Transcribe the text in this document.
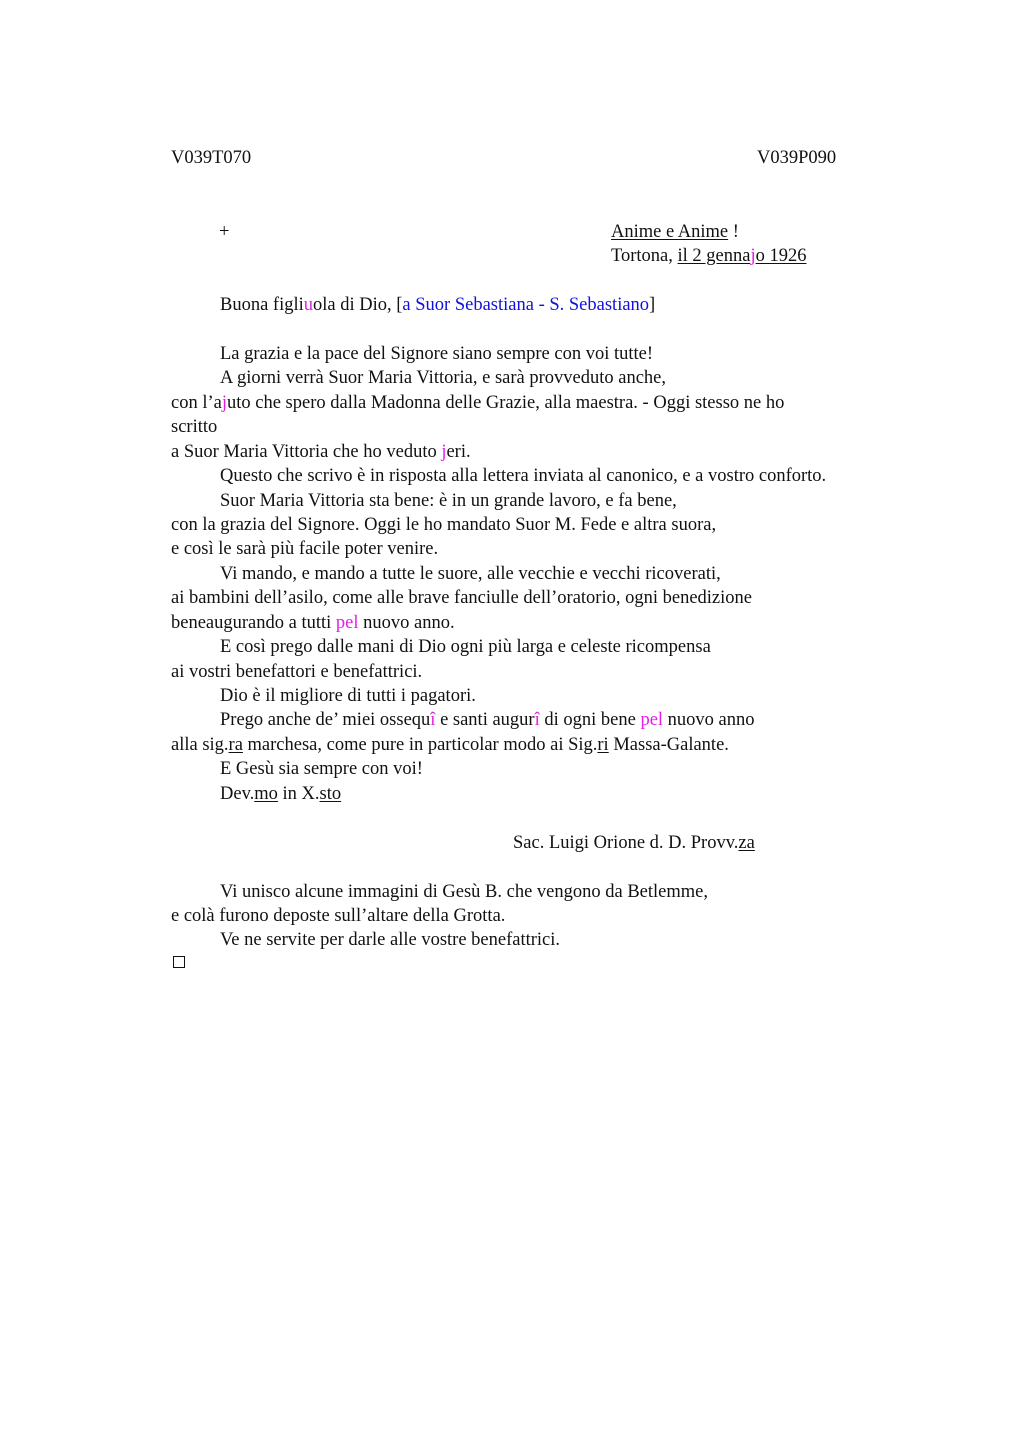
V039T070	V039P090
+	Anime e Anime !
Tortona, il 2 gennajo 1926
Buona figliuola di Dio, [a Suor Sebastiana - S. Sebastiano]
La grazia e la pace del Signore siano sempre con voi tutte!
A giorni verrà Suor Maria Vittoria, e sarà provveduto anche,
con l’ajuto che spero dalla Madonna delle Grazie, alla maestra. - Oggi stesso ne ho
scritto
a Suor Maria Vittoria che ho veduto jeri.
Questo che scrivo è in risposta alla lettera inviata al canonico, e a vostro conforto.
Suor Maria Vittoria sta bene: è in un grande lavoro, e fa bene,
con la grazia del Signore. Oggi le ho mandato Suor M. Fede e altra suora,
e così le sarà più facile poter venire.
Vi mando, e mando a tutte le suore, alle vecchie e vecchi ricoverati,
ai bambini dell’asilo, come alle brave fanciulle dell’oratorio, ogni benedizione
beneaugurando a tutti pel nuovo anno.
E così prego dalle mani di Dio ogni più larga e celeste ricompensa
ai vostri benefattori e benefattrici.
Dio è il migliore di tutti i pagatori.
Prego anche de’ miei ossequî e santi augurî di ogni bene pel nuovo anno
alla sig.ra marchesa, come pure in particolar modo ai Sig.ri Massa-Galante.
E Gesù sia sempre con voi!
Dev.mo in X.sto
Sac. Luigi Orione d. D. Provv.za
Vi unisco alcune immagini di Gesù B. che vengono da Betlemme,
e colà furono deposte sull’altare della Grotta.
Ve ne servite per darle alle vostre benefattrici.
